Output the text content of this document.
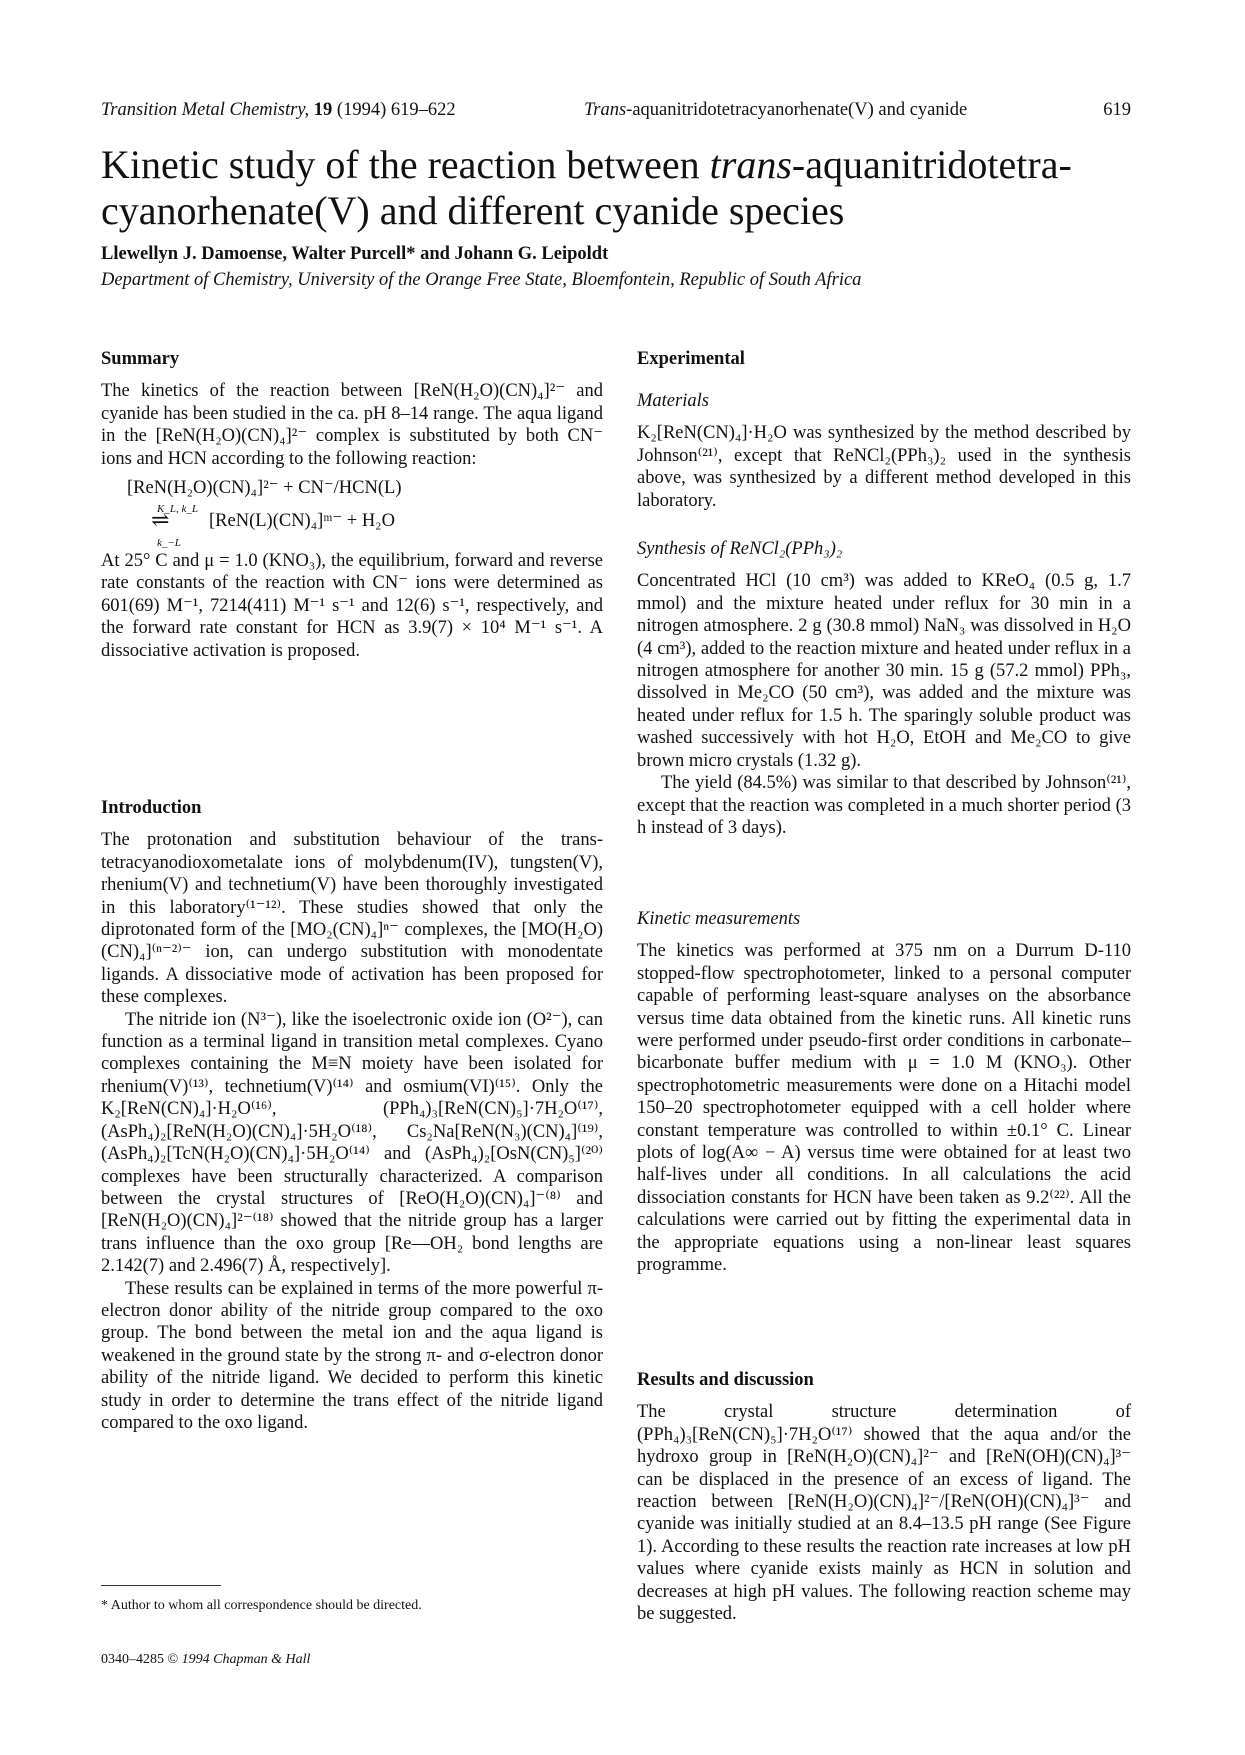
Transition Metal Chemistry, 19 (1994) 619–622	Trans-aquanitridotetracyanorhenate(V) and cyanide	619
Kinetic study of the reaction between trans-aquanitridotetra-
cyanorhenate(V) and different cyanide species
Llewellyn J. Damoense, Walter Purcell* and Johann G. Leipoldt
Department of Chemistry, University of the Orange Free State, Bloemfontein, Republic of South Africa
Summary

The kinetics of the reaction between [ReN(H₂O)(CN)₄]²⁻ and cyanide has been studied in the ca. pH 8–14 range. The aqua ligand in the [ReN(H₂O)(CN)₄]²⁻ complex is substituted by both CN⁻ ions and HCN according to the following reaction:

[ReN(H₂O)(CN)₄]²⁻ + CN⁻/HCN(L)
K_L, k_L
⇌
k_−L
[ReN(L)(CN)₄]ᵐ⁻ + H₂O

At 25° C and μ = 1.0 (KNO₃), the equilibrium, forward and reverse rate constants of the reaction with CN⁻ ions were determined as 601(69) M⁻¹, 7214(411) M⁻¹ s⁻¹ and 12(6) s⁻¹, respectively, and the forward rate constant for HCN as 3.9(7) × 10⁴ M⁻¹ s⁻¹. A dissociative activation is proposed.

Introduction

The protonation and substitution behaviour of the trans-tetracyanodioxometalate ions of molybdenum(IV), tungsten(V), rhenium(V) and technetium(V) have been thoroughly investigated in this laboratory⁽¹⁻¹²⁾. These studies showed that only the diprotonated form of the [MO₂(CN)₄]ⁿ⁻ complexes, the [MO(H₂O)(CN)₄]⁽ⁿ⁻²⁾⁻ ion, can undergo substitution with monodentate ligands. A dissociative mode of activation has been proposed for these complexes.

The nitride ion (N³⁻), like the isoelectronic oxide ion (O²⁻), can function as a terminal ligand in transition metal complexes. Cyano complexes containing the M≡N moiety have been isolated for rhenium(V)⁽¹³⁾, technetium(V)⁽¹⁴⁾ and osmium(VI)⁽¹⁵⁾. Only the K₂[ReN(CN)₄]·H₂O⁽¹⁶⁾, (PPh₄)₃[ReN(CN)₅]·7H₂O⁽¹⁷⁾, (AsPh₄)₂[ReN(H₂O)(CN)₄]·5H₂O⁽¹⁸⁾, Cs₂Na[ReN(N₃)(CN)₄]⁽¹⁹⁾, (AsPh₄)₂[TcN(H₂O)(CN)₄]·5H₂O⁽¹⁴⁾ and (AsPh₄)₂[OsN(CN)₅]⁽²⁰⁾ complexes have been structurally characterized. A comparison between the crystal structures of [ReO(H₂O)(CN)₄]⁻⁽⁸⁾ and [ReN(H₂O)(CN)₄]²⁻⁽¹⁸⁾ showed that the nitride group has a larger trans influence than the oxo group [Re—OH₂ bond lengths are 2.142(7) and 2.496(7) Å, respectively].

These results can be explained in terms of the more powerful π-electron donor ability of the nitride group compared to the oxo group. The bond between the metal ion and the aqua ligand is weakened in the ground state by the strong π- and σ-electron donor ability of the nitride ligand. We decided to perform this kinetic study in order to determine the trans effect of the nitride ligand compared to the oxo ligand.

Experimental
Materials

K₂[ReN(CN)₄]·H₂O was synthesized by the method described by Johnson⁽²¹⁾, except that ReNCl₂(PPh₃)₂ used in the synthesis above, was synthesized by a different method developed in this laboratory.

Synthesis of ReNCl₂(PPh₃)₂

Concentrated HCl (10 cm³) was added to KReO₄ (0.5 g, 1.7 mmol) and the mixture heated under reflux for 30 min in a nitrogen atmosphere. 2 g (30.8 mmol) NaN₃ was dissolved in H₂O (4 cm³), added to the reaction mixture and heated under reflux in a nitrogen atmosphere for another 30 min. 15 g (57.2 mmol) PPh₃, dissolved in Me₂CO (50 cm³), was added and the mixture was heated under reflux for 1.5 h. The sparingly soluble product was washed successively with hot H₂O, EtOH and Me₂CO to give brown micro crystals (1.32 g).

The yield (84.5%) was similar to that described by Johnson⁽²¹⁾, except that the reaction was completed in a much shorter period (3 h instead of 3 days).

Kinetic measurements

The kinetics was performed at 375 nm on a Durrum D-110 stopped-flow spectrophotometer, linked to a personal computer capable of performing least-square analyses on the absorbance versus time data obtained from the kinetic runs. All kinetic runs were performed under pseudo-first order conditions in carbonate–bicarbonate buffer medium with μ = 1.0 M (KNO₃). Other spectrophotometric measurements were done on a Hitachi model 150–20 spectrophotometer equipped with a cell holder where constant temperature was controlled to within ±0.1° C. Linear plots of log(A∞ − A) versus time were obtained for at least two half-lives under all conditions. In all calculations the acid dissociation constants for HCN have been taken as 9.2⁽²²⁾. All the calculations were carried out by fitting the experimental data in the appropriate equations using a non-linear least squares programme.

Results and discussion

The crystal structure determination of (PPh₄)₃[ReN(CN)₅]·7H₂O⁽¹⁷⁾ showed that the aqua and/or the hydroxo group in [ReN(H₂O)(CN)₄]²⁻ and [ReN(OH)(CN)₄]³⁻ can be displaced in the presence of an excess of ligand. The reaction between [ReN(H₂O)(CN)₄]²⁻/[ReN(OH)(CN)₄]³⁻ and cyanide was initially studied at an 8.4–13.5 pH range (See Figure 1). According to these results the reaction rate increases at low pH values where cyanide exists mainly as HCN in solution and decreases at high pH values. The following reaction scheme may be suggested.

* Author to whom all correspondence should be directed.
0340–4285 © 1994 Chapman & Hall
